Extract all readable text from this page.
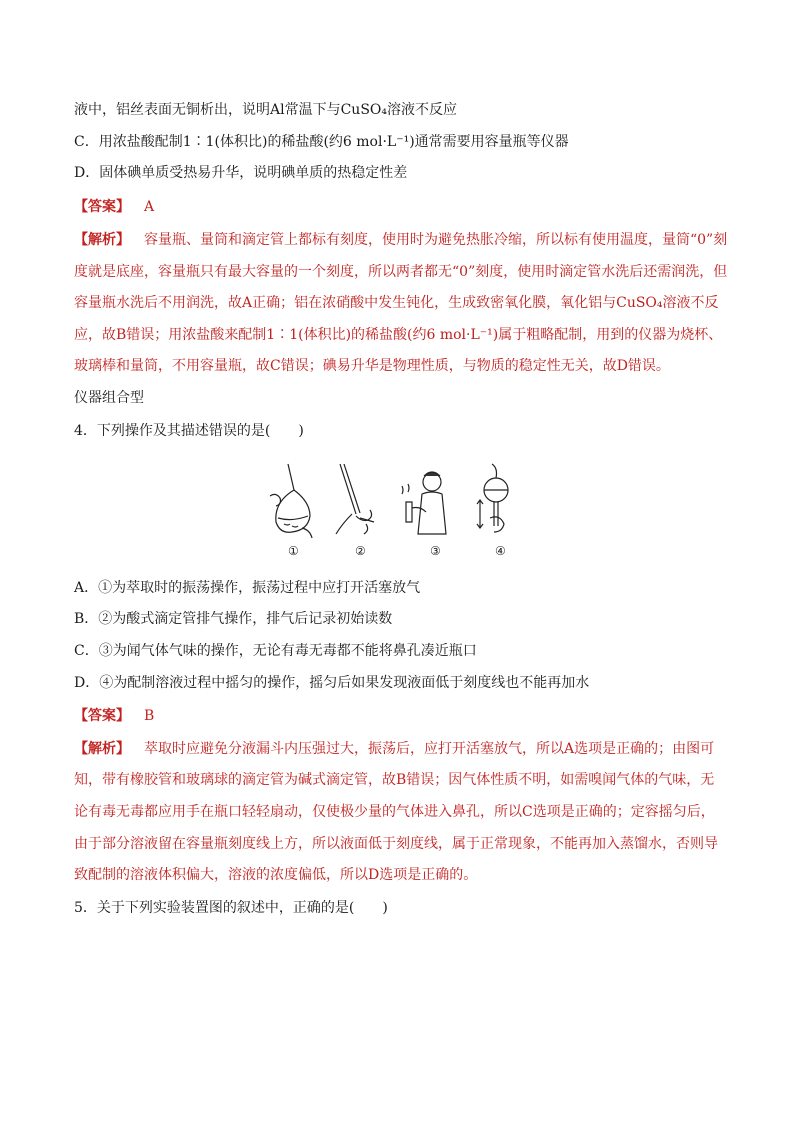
液中，铝丝表面无铜析出，说明Al常温下与CuSO₄溶液不反应
C．用浓盐酸配制1∶1(体积比)的稀盐酸(约6 mol·L⁻¹)通常需要用容量瓶等仪器
D．固体碘单质受热易升华，说明碘单质的热稳定性差
【答案】 A
【解析】 容量瓶、量筒和滴定管上都标有刻度，使用时为避免热胀冷缩，所以标有使用温度，量筒“0”刻
度就是底座，容量瓶只有最大容量的一个刻度，所以两者都无“0”刻度，使用时滴定管水洗后还需润洗，但
容量瓶水洗后不用润洗，故A正确；铝在浓硝酸中发生钝化，生成致密氧化膜，氧化铝与CuSO₄溶液不反
应，故B错误；用浓盐酸来配制1∶1(体积比)的稀盐酸(约6 mol·L⁻¹)属于粗略配制，用到的仪器为烧杯、
玻璃棒和量筒，不用容量瓶，故C错误；碘易升华是物理性质，与物质的稳定性无关，故D错误。
仪器组合型
4．下列操作及其描述错误的是(　　)
①	②	③	④
A．①为萃取时的振荡操作，振荡过程中应打开活塞放气
B．②为酸式滴定管排气操作，排气后记录初始读数
C．③为闻气体气味的操作，无论有毒无毒都不能将鼻孔凑近瓶口
D．④为配制溶液过程中摇匀的操作，摇匀后如果发现液面低于刻度线也不能再加水
【答案】 B
【解析】 萃取时应避免分液漏斗内压强过大，振荡后，应打开活塞放气，所以A选项是正确的；由图可
知，带有橡胶管和玻璃球的滴定管为碱式滴定管，故B错误；因气体性质不明，如需嗅闻气体的气味，无
论有毒无毒都应用手在瓶口轻轻扇动，仅使极少量的气体进入鼻孔，所以C选项是正确的；定容摇匀后，
由于部分溶液留在容量瓶刻度线上方，所以液面低于刻度线，属于正常现象，不能再加入蒸馏水，否则导
致配制的溶液体积偏大，溶液的浓度偏低，所以D选项是正确的。
5．关于下列实验装置图的叙述中，正确的是(　　)
